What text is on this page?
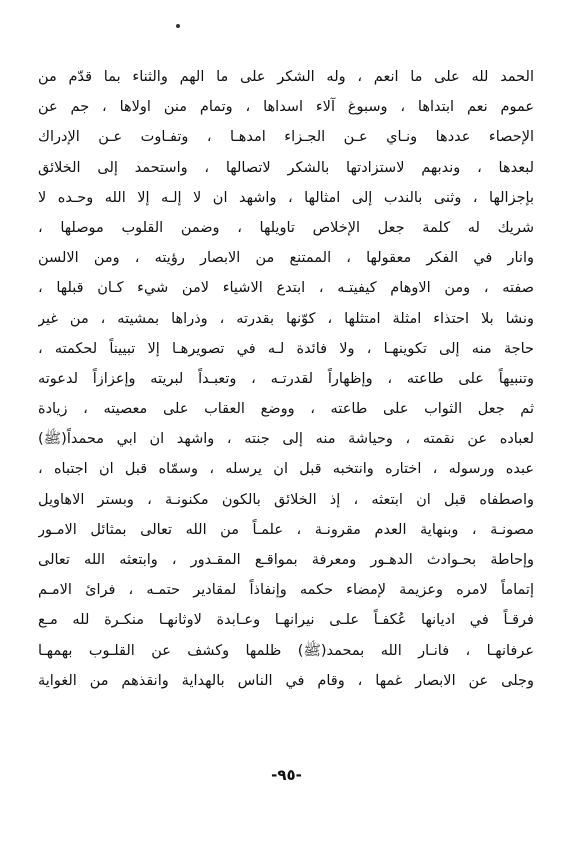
الحمد لله على ما انعم ، وله الشكر على ما الهم والثناء بما قدّم من
عموم نعم ابتداها ، وسبوغ آلاء اسداها ، وتمام منن اولاها ، جم عن
الإحصاء عددها ونـاي عـن الجـزاء امدهـا ، وتفـاوت عـن الإدراك
لبعدها ، وندبهم لاستزادتها بالشكر لاتصالها ، واستحمد إلى الخلائق
بإجزالها ، وثنى بالندب إلى امثالها ، واشهد ان لا إلـه إلا الله وحـده لا
شريك له كلمة جعل الإخلاص تاويلها ، وضمن القلوب موصلها ،
وانار في الفكر معقولها ، الممتنع من الابصار رؤيته ، ومن الالسن
صفته ، ومن الاوهام كيفيتـه ، ابتدع الاشياء لامن شيء كـان قبلها ،
ونشا بلا احتذاء امثلة امتثلها ، كوّنها بقدرته ، وذراها بمشيته ، من غير
حاجة منه إلى تكوينهـا ، ولا فائدة لـه في تصويرهـا إلا تبييناً لحكمته ،
وتنبيهاً على طاعته ، وإظهاراً لقدرتـه ، وتعبـداً لبريته وإعزازاً لدعوته
ثم جعل الثواب على طاعته ، ووضع العقاب على معصيته ، زيادة
لعباده عن نقمته ، وحياشة منه إلى جنته ، واشهد ان ابي محمداً(ﷺ)
عبده ورسوله ، اختاره وانتخبه قبل ان يرسله ، وسمّاه قبل ان اجتباه ،
واصطفاه قبل ان ابتعثه ، إذ الخلائق بالكون مكنونـة ، وبستر الاهاويل
مصونـة ، وبنهاية العدم مقرونـة ، علمـاً من الله تعالى بمثائل الامـور
وإحاطة بحـوادث الدهـور ومعرفة بمواقـع المقـدور ، وابتعثه الله تعالى
إتماماً لامره وعزيمة لإمضاء حكمه وإنفاذاً لمقادير حتمـه ، فرائ الامـم
فرقـاً في اديانها عُكفـاً علـى نيرانهـا وعـابدة لاوثانهـا منكـرة لله مـع
عرفانهـا ، فانـار الله بمحمد(ﷺ) ظلمها وكشف عن القلـوب بهمهـا
وجلى عن الابصار غمها ، وقام في الناس بالهداية وانقذهم من الغواية
-٩٥-
